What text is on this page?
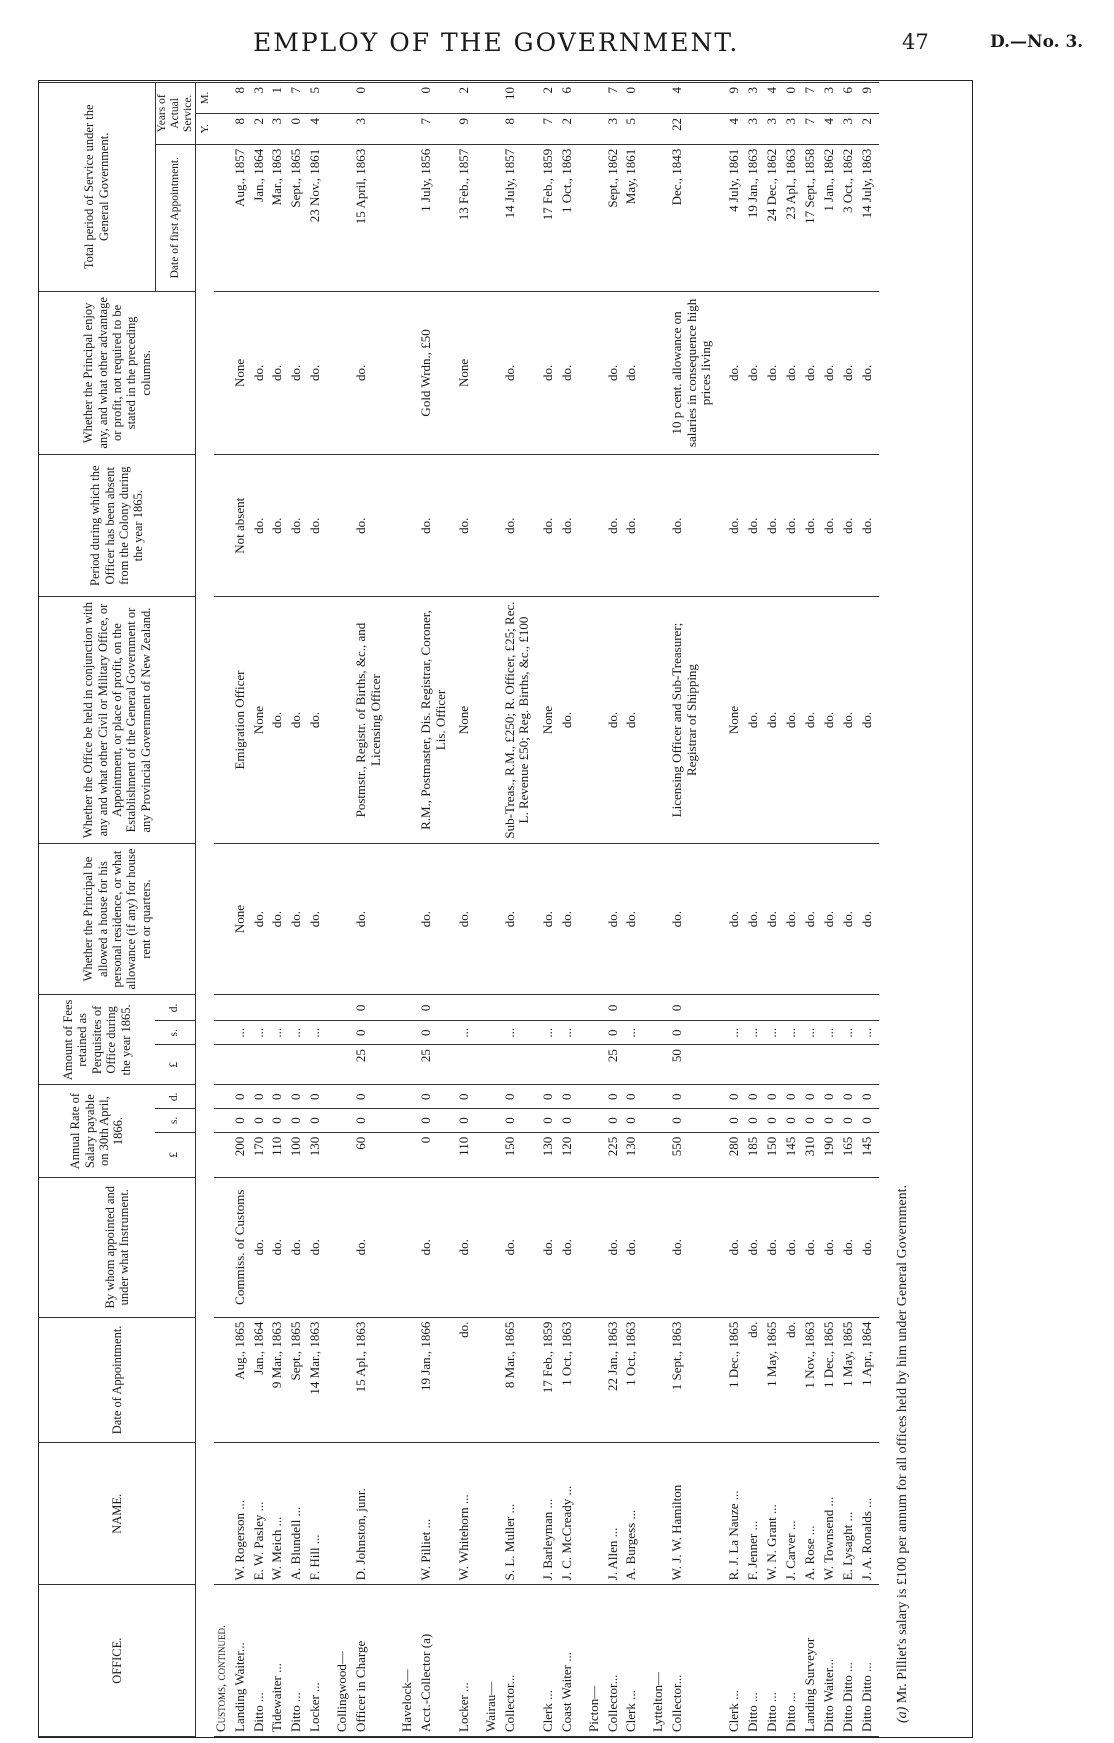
EMPLOY OF THE GOVERNMENT.	47	D.—No. 3.
OFFICE.	NAME.	Date of Appointment.	By whom appointed and under what Instrument.	Annual Rate of Salary payable on 30th April, 1866.			Amount of Fees retained as Perquisites of Office during the year 1865.			Whether the Principal be allowed a house for his personal residence, or what allowance (if any) for house rent or quarters.	Whether the Office be held in conjunction with any and what other Civil or Military Office, or Appointment, or place of profit, on the Establishment of the General Government or any Provincial Government of New Zealand.	Period during which the Officer has been absent from the Colony during the year 1865.	Whether the Principal enjoy any, and what other advantage or profit, not required to be stated in the preceding columns.	Total period of Service under the General Government.		
				£	s.	d.	£	s.	d.					Date of first Appointment.	Years of Actual Service.	
															Y.	M.
Customs, continued.																
Landing Waiter...	W. Rogerson ...	Aug., 1865	Commiss. of Customs	200	0	0		...		None	Emigration Officer	Not absent	None	Aug., 1857	8	8
Ditto ...	E. W. Pasley ...	Jan., 1864	do.	170	0	0		...		do.	None	do.	do.	Jan., 1864	2	3
Tidewaiter ...	W. Meich ...	9 Mar., 1863	do.	110	0	0		...		do.	do.	do.	do.	Mar., 1863	3	1
Ditto ...	A. Blundell ...	Sept., 1865	do.	100	0	0		...		do.	do.	do.	do.	Sept., 1865	0	7
Locker ...	F. Hill ...	14 Mar., 1863	do.	130	0	0		...		do.	do.	do.	do.	23 Nov., 1861	4	5

Collingwood—																
Officer in Charge	D. Johnston, junr.	15 Apl., 1863	do.	60	0	0	25	0	0	do.	Postmstr., Registr. of Births, &c., and Licensing Officer	do.	do.	15 April, 1863	3	0

Havelock—																
Acct.-Collector (a)	W. Pilliet ...	19 Jan., 1866	do.	0	0	0	25	0	0	do.	R.M., Postmaster, Dis. Registrar, Coroner, Lis. Officer	do.	Gold Wrdn., £50	1 July, 1856	7	0
Locker ...	W. Whitehorn ...	do.	do.	110	0	0		...		do.	None	do.	None	13 Feb., 1857	9	2

Wairau—																
Collector...	S. L. Muller ...	8 Mar., 1865	do.	150	0	0		...		do.	Sub-Treas., R.M., £250; R. Officer, £25; Rec. L. Revenue £50; Reg. Births, &c., £100	do.	do.	14 July, 1857	8	10
Clerk ...	J. Barleyman ...	17 Feb., 1859	do.	130	0	0		...		do.	None	do.	do.	17 Feb., 1859	7	2
Coast Waiter ...	J. C. McCready ...	1 Oct., 1863	do.	120	0	0		...		do.	do.	do.	do.	1 Oct., 1863	2	6

Picton—																
Collector...	J. Allen ...	22 Jan., 1863	do.	225	0	0	25	0	0	do.	do.	do.	do.	Sept., 1862	3	7
Clerk ...	A. Burgess ...	1 Oct., 1863	do.	130	0	0		...		do.	do.	do.	do.	May, 1861	5	0

Lyttelton—																
Collector...	W. J. W. Hamilton	1 Sept., 1863	do.	550	0	0	50	0	0	do.	Licensing Officer and Sub-Treasurer; Registrar of Shipping	do.	10 p cent. allowance on salaries in consequence high prices living	Dec., 1843	22	4
Clerk ...	R. J. La Nauze ...	1 Dec., 1865	do.	280	0	0		...		do.	None	do.	do.	4 July, 1861	4	9
Ditto ...	F. Jenner ...	do.	do.	185	0	0		...		do.	do.	do.	do.	19 Jan., 1863	3	3
Ditto ...	W. N. Grant ...	1 May, 1865	do.	150	0	0		...		do.	do.	do.	do.	24 Dec., 1862	3	4
Ditto ...	J. Carver ...	do.	do.	145	0	0		...		do.	do.	do.	do.	23 Apl., 1863	3	0
Landing Surveyor	A. Rose ...	1 Nov., 1863	do.	310	0	0		...		do.	do.	do.	do.	17 Sept., 1858	7	7
Ditto Waiter...	W. Townsend ...	1 Dec., 1865	do.	190	0	0		...		do.	do.	do.	do.	1 Jan., 1862	4	3
Ditto Ditto ...	E. Lysaght ...	1 May, 1865	do.	165	0	0		...		do.	do.	do.	do.	3 Oct., 1862	3	6
Ditto Ditto ...	J. A. Ronalds ...	1 Apr., 1864	do.	145	0	0		...		do.	do.	do.	do.	14 July, 1863	2	9

(a) Mr. Pilliet's salary is £100 per annum for all offices held by him under General Government.
